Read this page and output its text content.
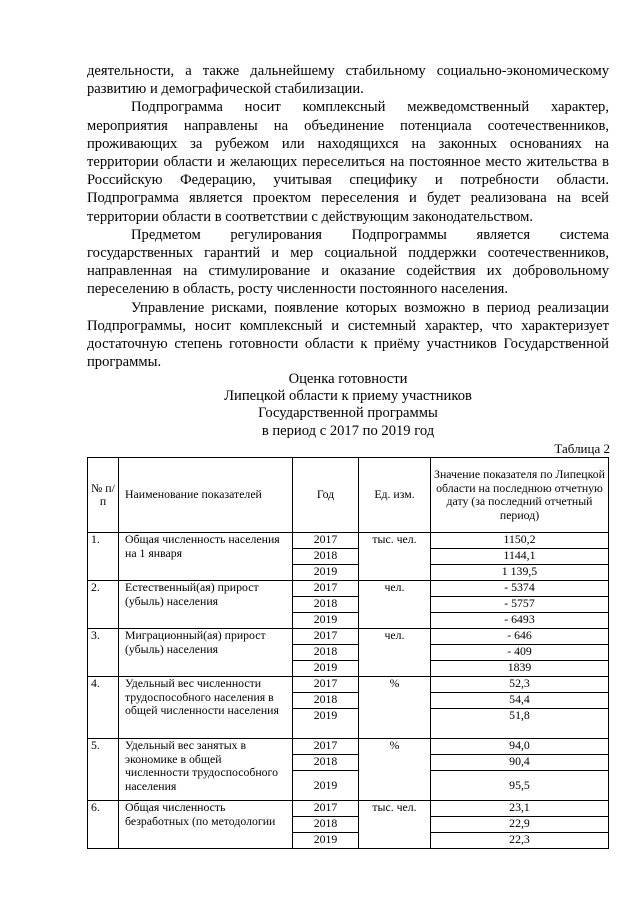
деятельности, а также дальнейшему стабильному социально-экономическому развитию и демографической стабилизации.

Подпрограмма носит комплексный межведомственный характер, мероприятия направлены на объединение потенциала соотечественников, проживающих за рубежом или находящихся на законных основаниях на территории области и желающих переселиться на постоянное место жительства в Российскую Федерацию, учитывая специфику и потребности области. Подпрограмма является проектом переселения и будет реализована на всей территории области в соответствии с действующим законодательством.

Предметом регулирования Подпрограммы является система государственных гарантий и мер социальной поддержки соотечественников, направленная на стимулирование и оказание содействия их добровольному переселению в область, росту численности постоянного населения.

Управление рисками, появление которых возможно в период реализации Подпрограммы, носит комплексный и системный характер, что характеризует достаточную степень готовности области к приёму участников Государственной программы.

Оценка готовности
Липецкой области к приему участников
Государственной программы
в период с 2017 по 2019 год
Таблица 2
№ п/п	Наименование показателей	Год	Ед. изм.	Значение показателя по Липецкой области на последнюю отчетную дату (за последний отчетный период)
1.	Общая численность населения на 1 января	2017	тыс. чел.	1150,2
		2018		1144,1
		2019		1 139,5
2.	Естественный(ая) прирост (убыль) населения	2017	чел.	- 5374
		2018		- 5757
		2019		- 6493
3.	Миграционный(ая) прирост (убыль) населения	2017	чел.	- 646
		2018		- 409
		2019		1839
4.	Удельный вес численности трудоспособного населения в общей численности населения	2017	%	52,3
		2018		54,4
		2019		51,8
5.	Удельный вес занятых в экономике в общей численности трудоспособного населения	2017	%	94,0
		2018		90,4
		2019		95,5
6.	Общая численность безработных (по методологии	2017	тыс. чел.	23,1
		2018		22,9
		2019		22,3
